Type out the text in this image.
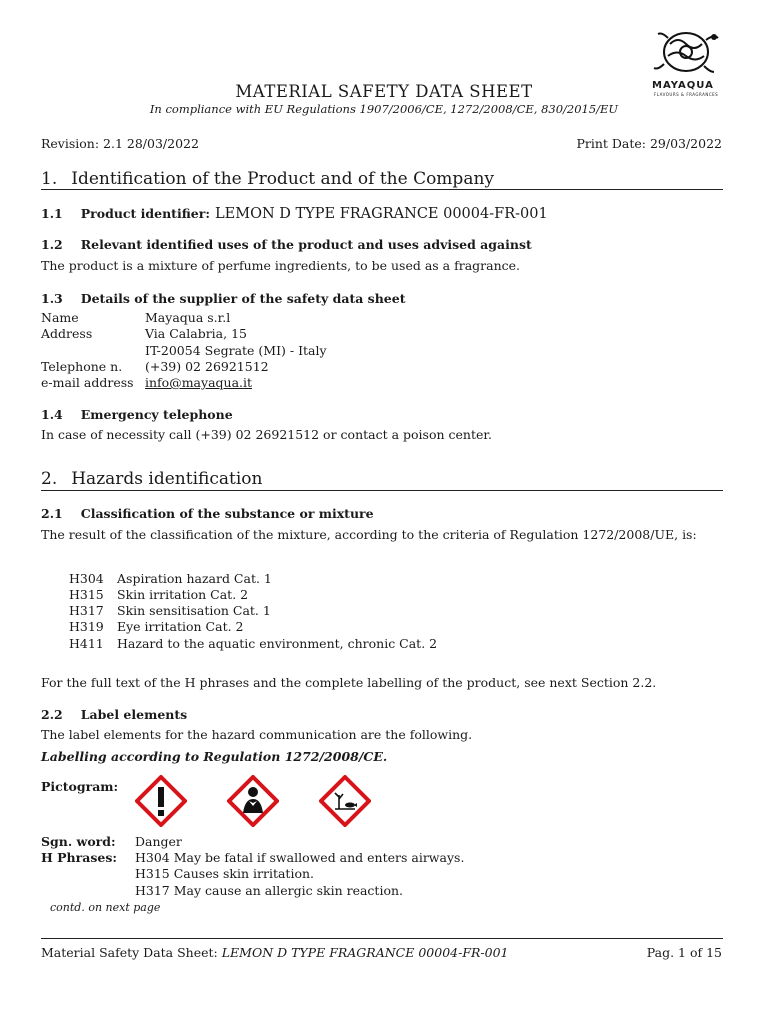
MAYAQUA
FLAVOURS & FRAGRANCES
MATERIAL SAFETY DATA SHEET
In compliance with EU Regulations 1907/2006/CE, 1272/2008/CE, 830/2015/EU
Revision: 2.1 28/03/2022	Print Date: 29/03/2022
1. Identification of the Product and of the Company
1.1 Product identifier: LEMON D TYPE FRAGRANCE 00004-FR-001
1.2 Relevant identified uses of the product and uses advised against
The product is a mixture of perfume ingredients, to be used as a fragrance.
1.3 Details of the supplier of the safety data sheet
Name	Mayaqua s.r.l
Address	Via Calabria, 15
IT-20054 Segrate (MI) - Italy
Telephone n. (+39) 02 26921512
e-mail address info@mayaqua.it
1.4 Emergency telephone
In case of necessity call (+39) 02 26921512 or contact a poison center.
2. Hazards identification
2.1 Classification of the substance or mixture
The result of the classification of the mixture, according to the criteria of Regulation 1272/2008/UE, is:
H304 Aspiration hazard Cat. 1
H315 Skin irritation Cat. 2
H317 Skin sensitisation Cat. 1
H319 Eye irritation Cat. 2
H411 Hazard to the aquatic environment, chronic Cat. 2
For the full text of the H phrases and the complete labelling of the product, see next Section 2.2.
2.2 Label elements
The label elements for the hazard communication are the following.
Labelling according to Regulation 1272/2008/CE.
Pictogram:
Sgn. word: Danger
H Phrases: H304 May be fatal if swallowed and enters airways.
H315 Causes skin irritation.
H317 May cause an allergic skin reaction.
contd. on next page
Material Safety Data Sheet: LEMON D TYPE FRAGRANCE 00004-FR-001	Pag. 1 of 15
